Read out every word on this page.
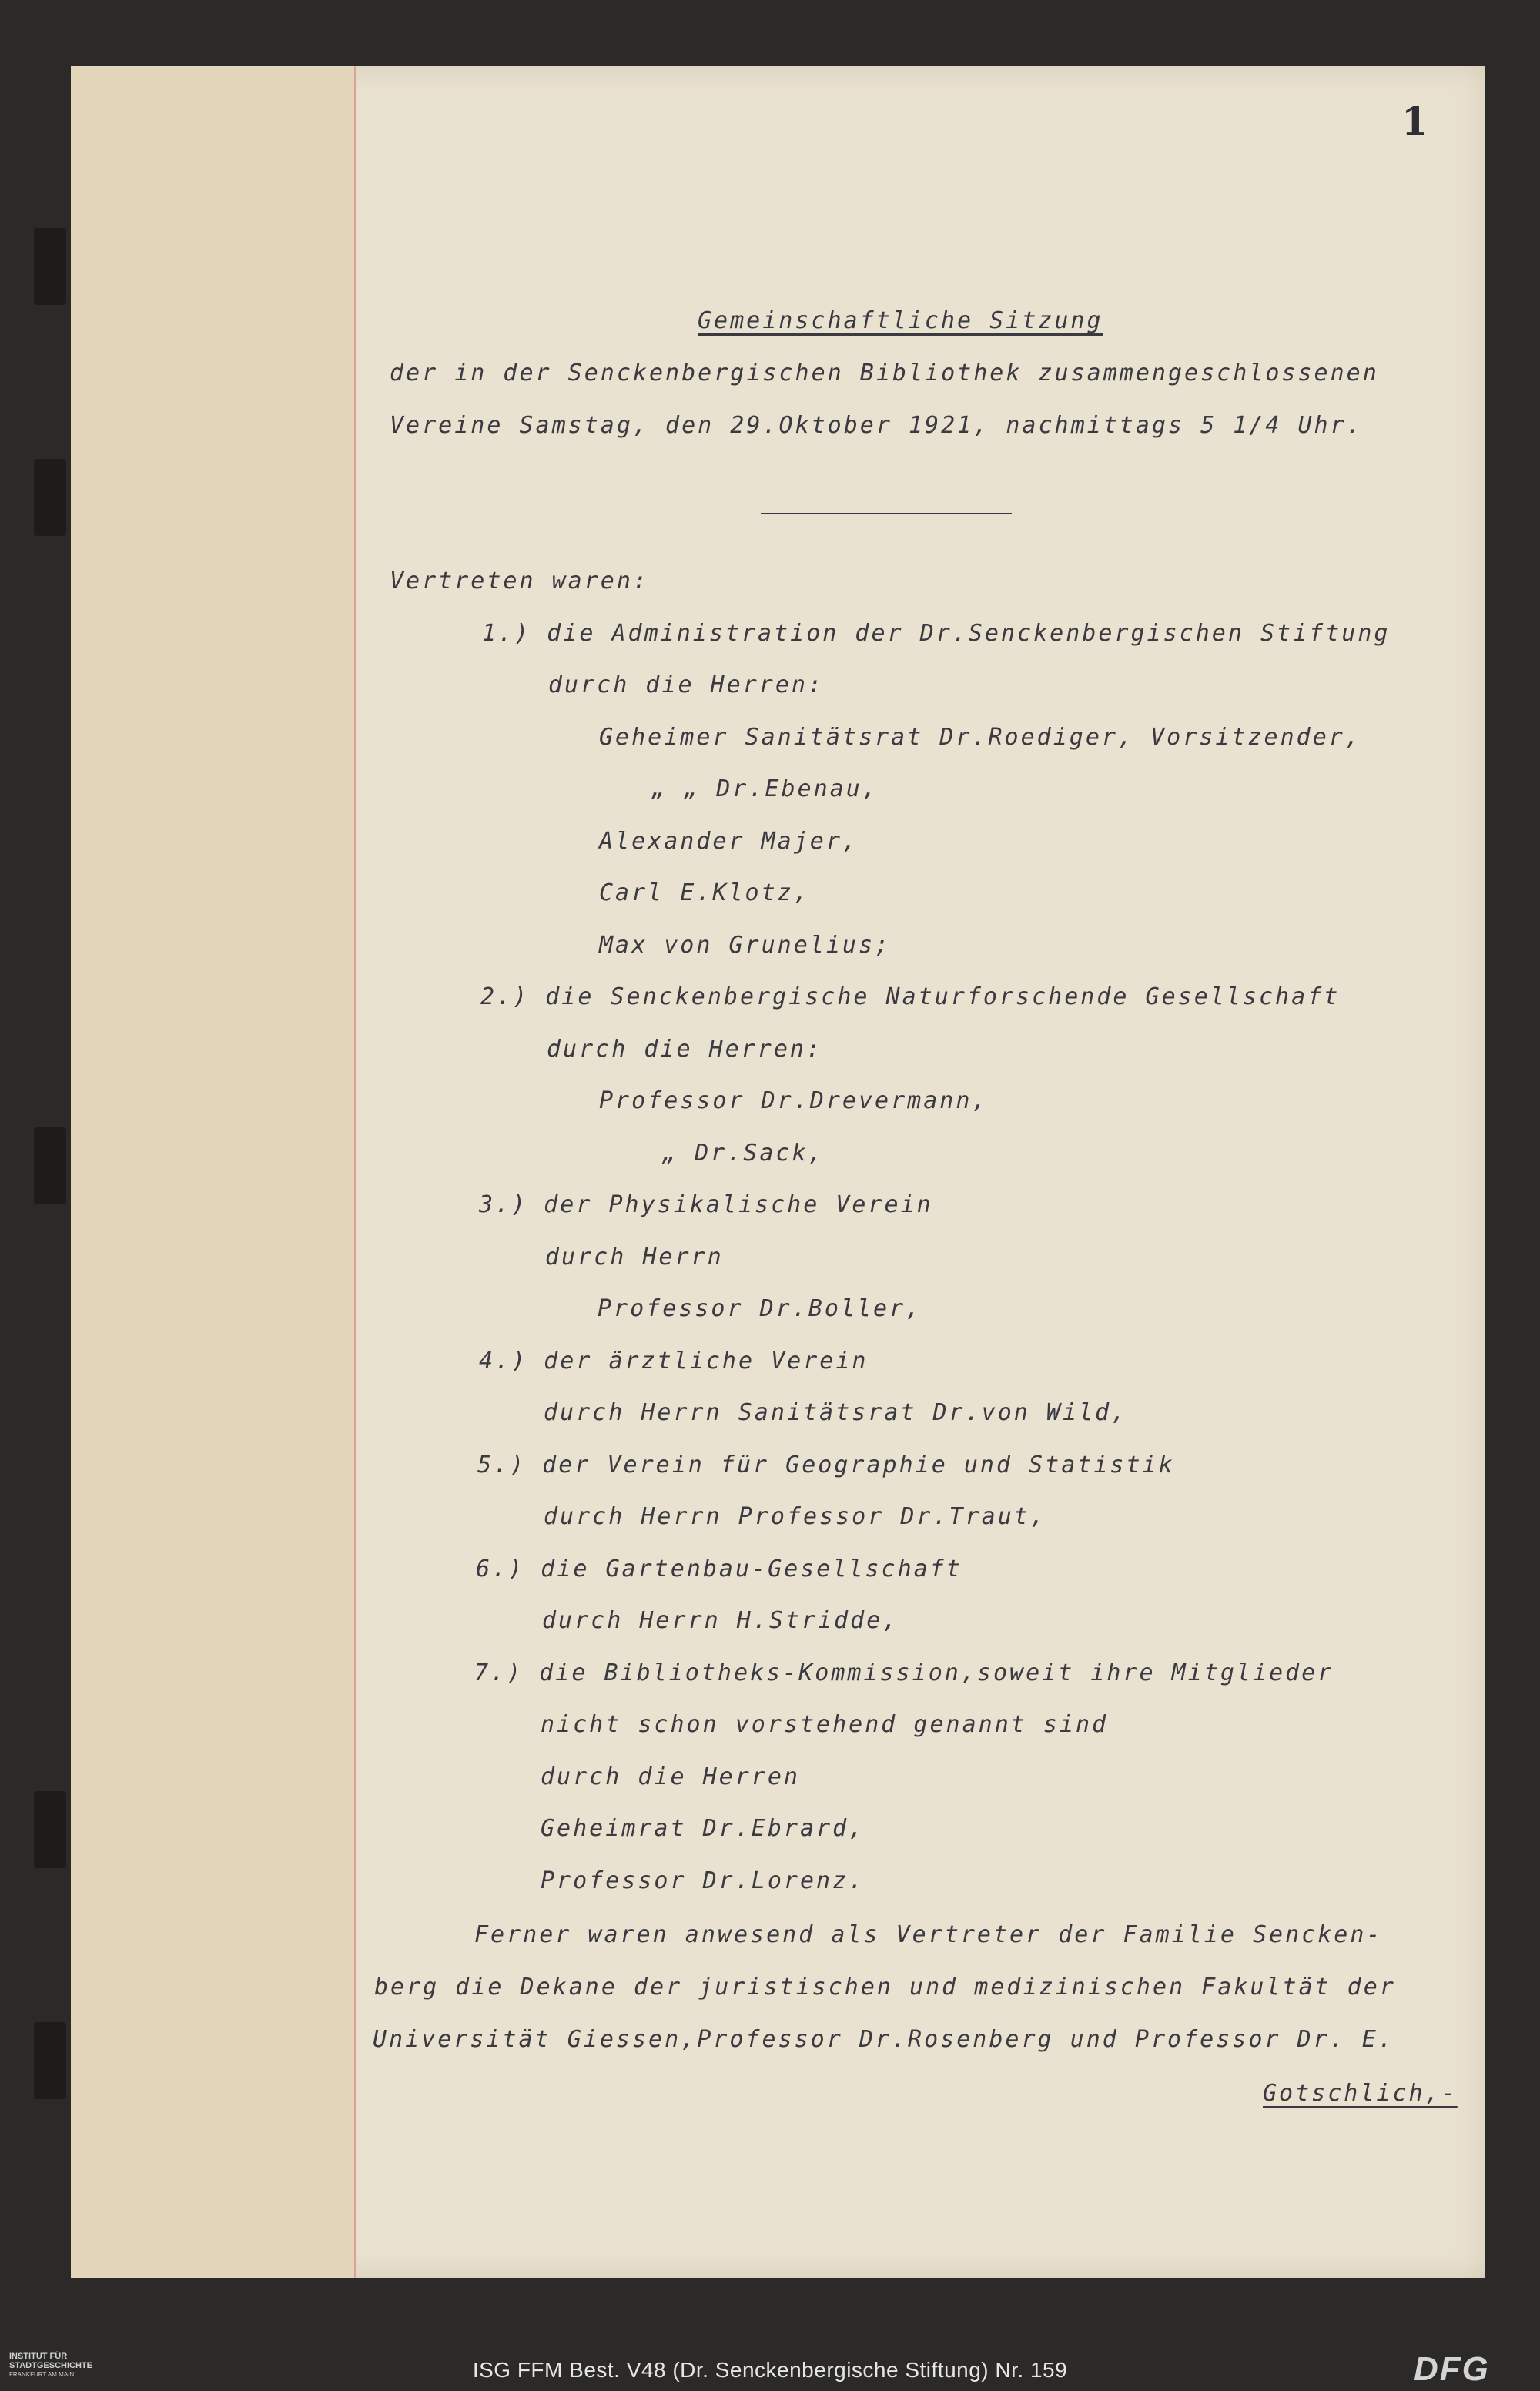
1
Gemeinschaftliche Sitzung
der in der Senckenbergischen Bibliothek zusammengeschlossenen
Vereine Samstag, den 29.Oktober 1921, nachmittags 5 1/4 Uhr.
Vertreten waren:
1.) die Administration der Dr.Senckenbergischen Stiftung
durch die Herren:
Geheimer Sanitätsrat Dr.Roediger, Vorsitzender,
„ „ Dr.Ebenau,
Alexander Majer,
Carl E.Klotz,
Max von Grunelius;
2.) die Senckenbergische Naturforschende Gesellschaft
durch die Herren:
Professor Dr.Drevermann,
„ Dr.Sack,
3.) der Physikalische Verein
durch Herrn
Professor Dr.Boller,
4.) der ärztliche Verein
durch Herrn Sanitätsrat Dr.von Wild,
5.) der Verein für Geographie und Statistik
durch Herrn Professor Dr.Traut,
6.) die Gartenbau-Gesellschaft
durch Herrn H.Stridde,
7.) die Bibliotheks-Kommission,soweit ihre Mitglieder
nicht schon vorstehend genannt sind
durch die Herren
Geheimrat Dr.Ebrard,
Professor Dr.Lorenz.
Ferner waren anwesend als Vertreter der Familie Sencken-
berg die Dekane der juristischen und medizinischen Fakultät der
Universität Giessen,Professor Dr.Rosenberg und Professor Dr. E.
Gotschlich,-
INSTITUT FÜR
STADTGESCHICHTE
FRANKFURT AM MAIN	ISG FFM Best. V48 (Dr. Senckenbergische Stiftung) Nr. 159	DFG
